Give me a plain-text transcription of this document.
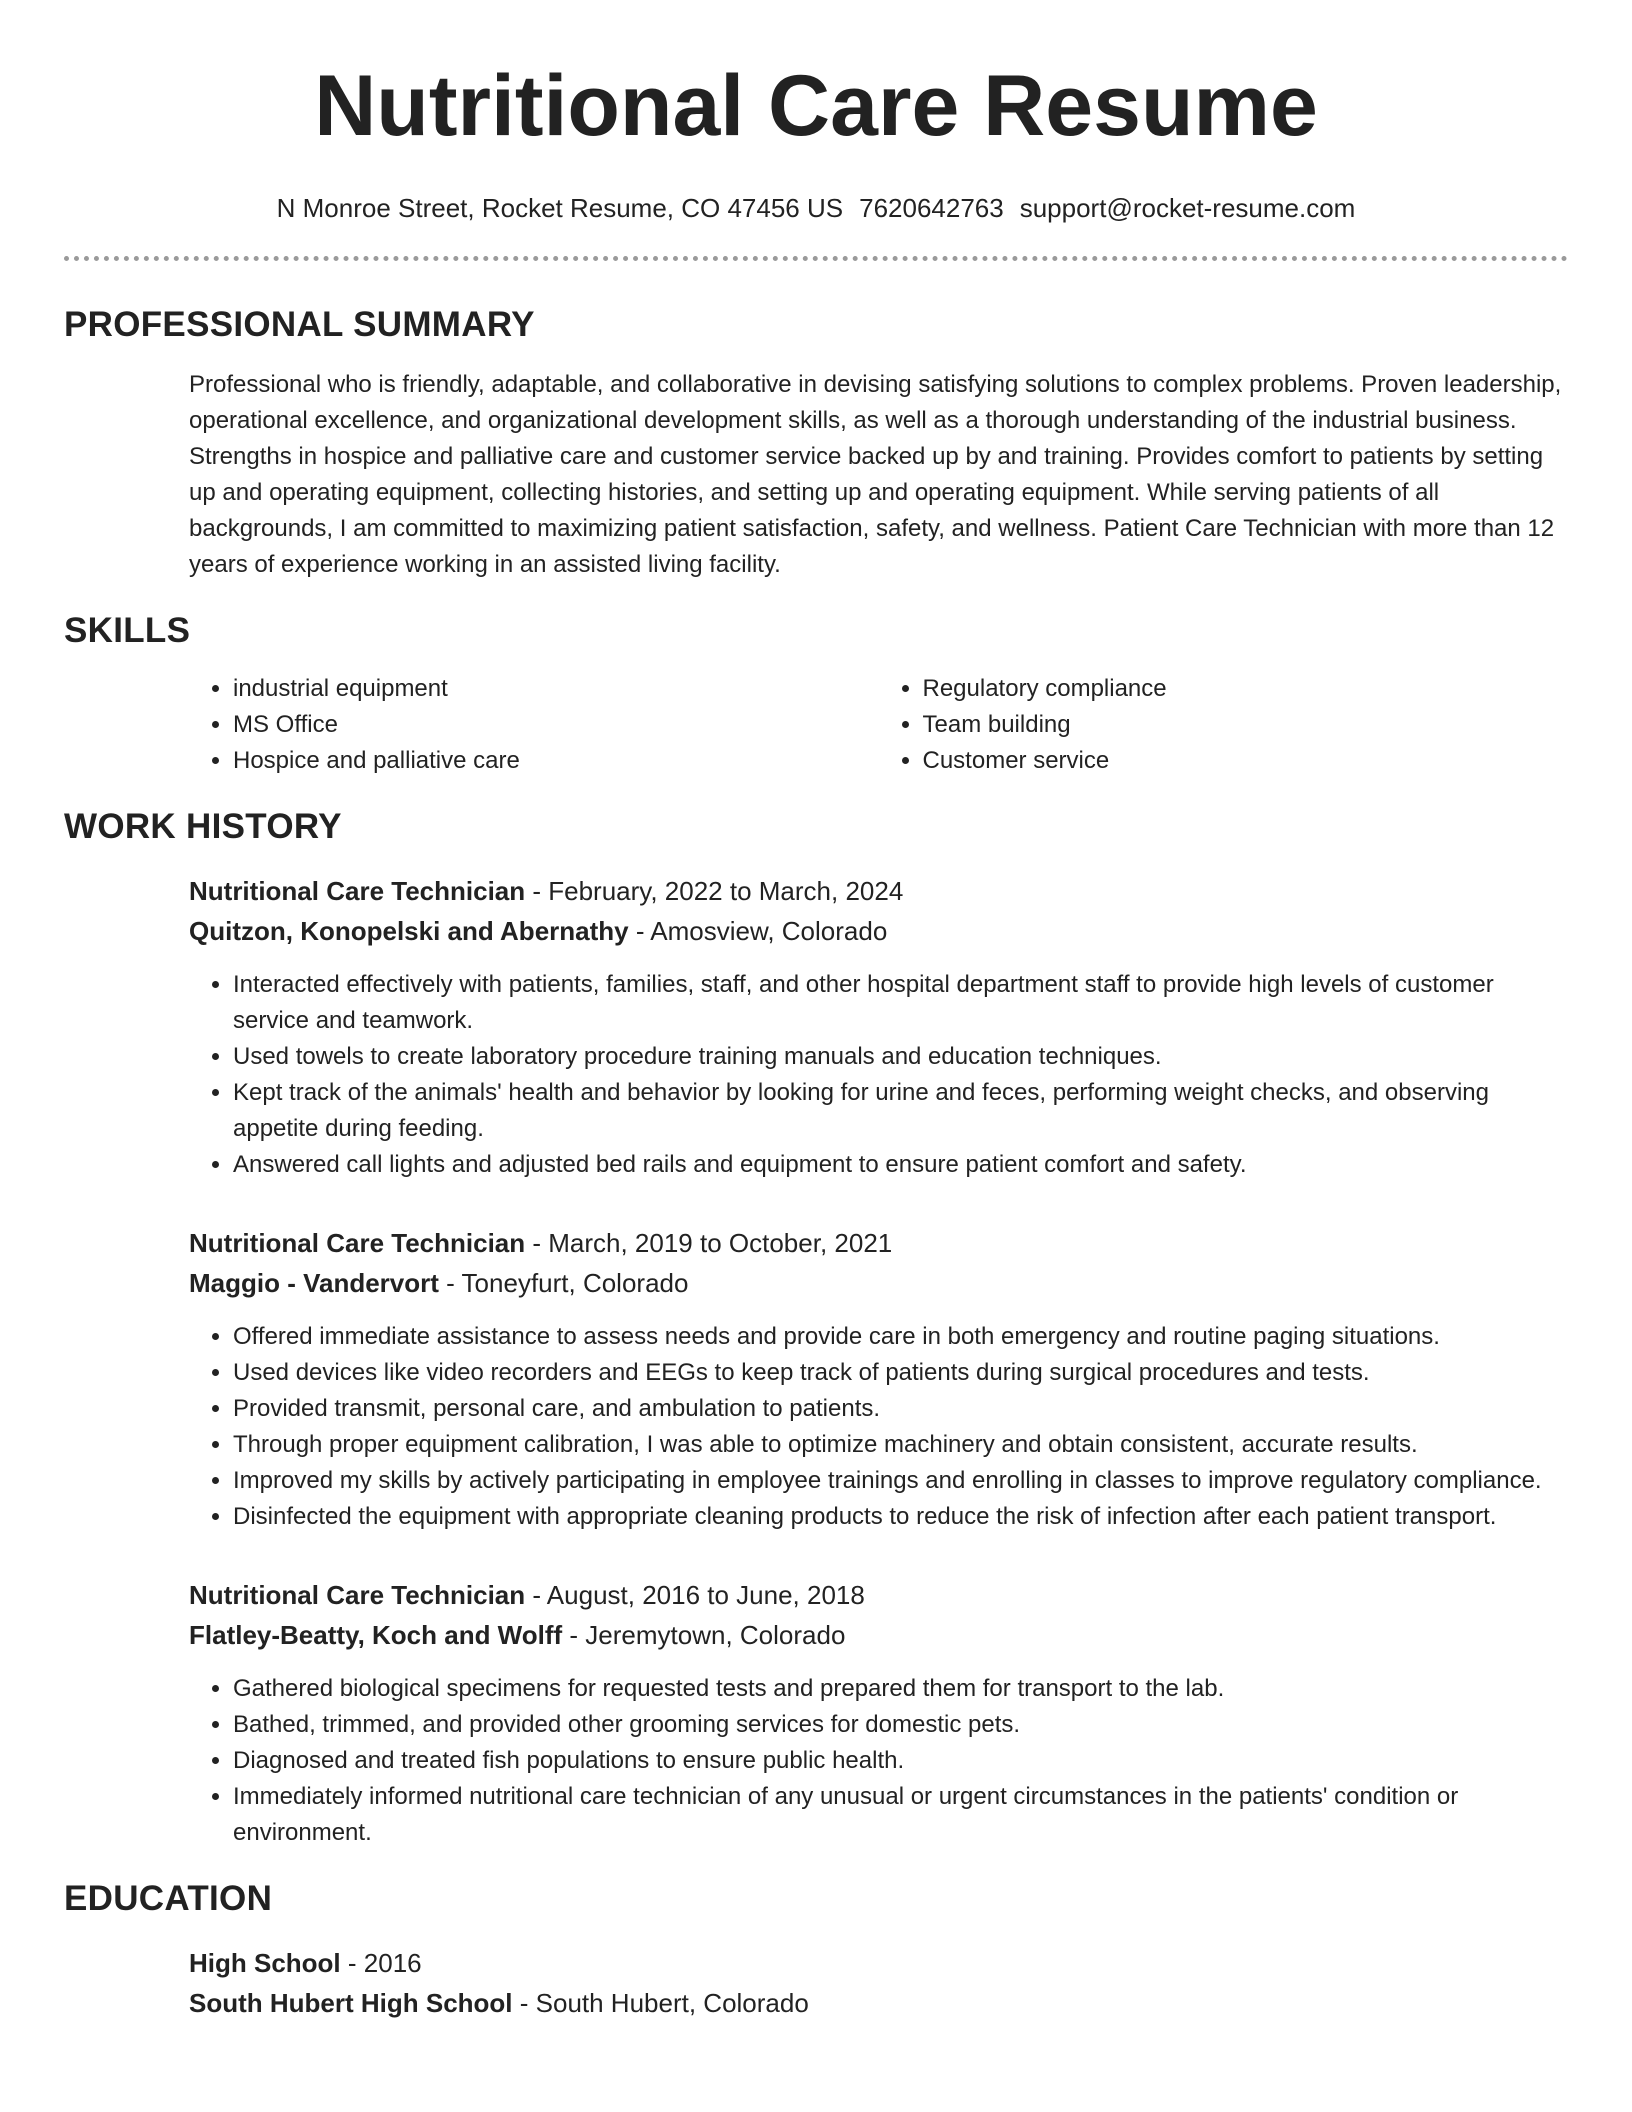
Nutritional Care Resume
N Monroe Street, Rocket Resume, CO 47456 US 7620642763 support@rocket-resume.com
PROFESSIONAL SUMMARY

Professional who is friendly, adaptable, and collaborative in devising satisfying solutions to complex problems. Proven leadership, operational excellence, and organizational development skills, as well as a thorough understanding of the industrial business. Strengths in hospice and palliative care and customer service backed up by and training. Provides comfort to patients by setting up and operating equipment, collecting histories, and setting up and operating equipment. While serving patients of all backgrounds, I am committed to maximizing patient satisfaction, safety, and wellness. Patient Care Technician with more than 12 years of experience working in an assisted living facility.

SKILLS
• industrial equipment
• MS Office
• Hospice and palliative care
• Regulatory compliance
• Team building
• Customer service
WORK HISTORY
Nutritional Care Technician - February, 2022 to March, 2024
Quitzon, Konopelski and Abernathy - Amosview, Colorado
• Interacted effectively with patients, families, staff, and other hospital department staff to provide high levels of customer service and teamwork.
• Used towels to create laboratory procedure training manuals and education techniques.
• Kept track of the animals' health and behavior by looking for urine and feces, performing weight checks, and observing appetite during feeding.
• Answered call lights and adjusted bed rails and equipment to ensure patient comfort and safety.
Nutritional Care Technician - March, 2019 to October, 2021
Maggio - Vandervort - Toneyfurt, Colorado
• Offered immediate assistance to assess needs and provide care in both emergency and routine paging situations.
• Used devices like video recorders and EEGs to keep track of patients during surgical procedures and tests.
• Provided transmit, personal care, and ambulation to patients.
• Through proper equipment calibration, I was able to optimize machinery and obtain consistent, accurate results.
• Improved my skills by actively participating in employee trainings and enrolling in classes to improve regulatory compliance.
• Disinfected the equipment with appropriate cleaning products to reduce the risk of infection after each patient transport.
Nutritional Care Technician - August, 2016 to June, 2018
Flatley-Beatty, Koch and Wolff - Jeremytown, Colorado
• Gathered biological specimens for requested tests and prepared them for transport to the lab.
• Bathed, trimmed, and provided other grooming services for domestic pets.
• Diagnosed and treated fish populations to ensure public health.
• Immediately informed nutritional care technician of any unusual or urgent circumstances in the patients' condition or environment.
EDUCATION
High School - 2016
South Hubert High School - South Hubert, Colorado
